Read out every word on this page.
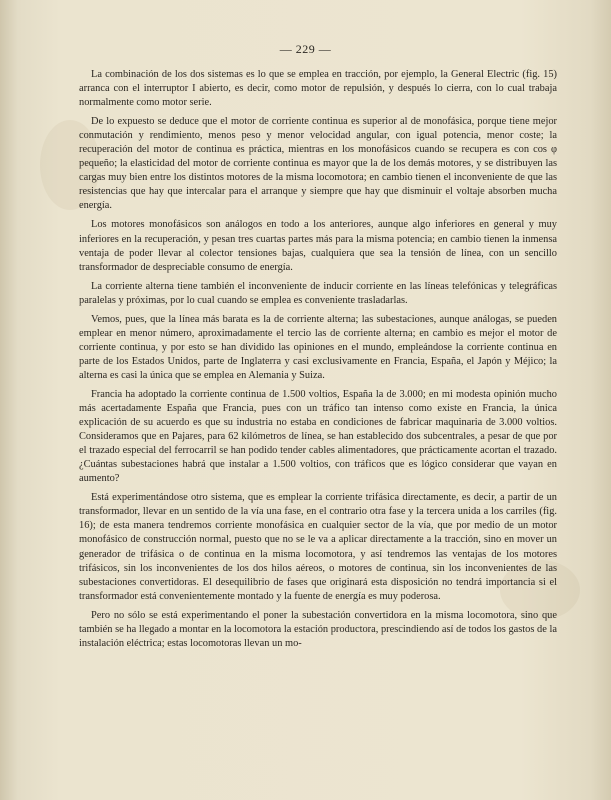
— 229 —

La combinación de los dos sistemas es lo que se emplea en tracción, por ejemplo, la General Electric (fig. 15) arranca con el interruptor I abierto, es decir, como motor de repulsión, y después lo cierra, con lo cual trabaja normalmente como motor serie.

De lo expuesto se deduce que el motor de corriente continua es superior al de monofásica, porque tiene mejor conmutación y rendimiento, menos peso y menor velocidad angular, con igual potencia, menor coste; la recuperación del motor de continua es práctica, mientras en los monofásicos cuando se recupera es con cos φ pequeño; la elasticidad del motor de corriente continua es mayor que la de los demás motores, y se distribuyen las cargas muy bien entre los distintos motores de la misma locomotora; en cambio tienen el inconveniente de que las resistencias que hay que intercalar para el arranque y siempre que hay que disminuir el voltaje absorben mucha energía.

Los motores monofásicos son análogos en todo a los anteriores, aunque algo inferiores en general y muy inferiores en la recuperación, y pesan tres cuartas partes más para la misma potencia; en cambio tienen la inmensa ventaja de poder llevar al colector tensiones bajas, cualquiera que sea la tensión de línea, con un sencillo transformador de despreciable consumo de energía.

La corriente alterna tiene también el inconveniente de inducir corriente en las líneas telefónicas y telegráficas paralelas y próximas, por lo cual cuando se emplea es conveniente trasladarlas.

Vemos, pues, que la línea más barata es la de corriente alterna; las subestaciones, aunque análogas, se pueden emplear en menor número, aproximadamente el tercio las de corriente alterna; en cambio es mejor el motor de corriente continua, y por esto se han dividido las opiniones en el mundo, empleándose la corriente continua en parte de los Estados Unidos, parte de Inglaterra y casi exclusivamente en Francia, España, el Japón y Méjico; la alterna es casi la única que se emplea en Alemania y Suiza.

Francia ha adoptado la corriente continua de 1.500 voltios, España la de 3.000; en mi modesta opinión mucho más acertadamente España que Francia, pues con un tráfico tan intenso como existe en Francia, la única explicación de su acuerdo es que su industria no estaba en condiciones de fabricar maquinaria de 3.000 voltios. Consideramos que en Pajares, para 62 kilómetros de línea, se han establecido dos subcentrales, a pesar de que por el trazado especial del ferrocarril se han podido tender cables alimentadores, que prácticamente acortan el trazado. ¿Cuántas subestaciones habrá que instalar a 1.500 voltios, con tráficos que es lógico considerar que vayan en aumento?

Está experimentándose otro sistema, que es emplear la corriente trifásica directamente, es decir, a partir de un transformador, llevar en un sentido de la vía una fase, en el contrario otra fase y la tercera unida a los carriles (fig. 16); de esta manera tendremos corriente monofásica en cualquier sector de la vía, que por medio de un motor monofásico de construcción normal, puesto que no se le va a aplicar directamente a la tracción, sino en mover un generador de trifásica o de continua en la misma locomotora, y así tendremos las ventajas de los motores trifásicos, sin los inconvenientes de los dos hilos aéreos, o motores de continua, sin los inconvenientes de las subestaciones convertidoras. El desequilibrio de fases que originará esta disposición no tendrá importancia si el transformador está convenientemente montado y la fuente de energía es muy poderosa.

Pero no sólo se está experimentando el poner la subestación convertidora en la misma locomotora, sino que también se ha llegado a montar en la locomotora la estación productora, prescindiendo así de todos los gastos de la instalación eléctrica; estas locomotoras llevan un mo-
